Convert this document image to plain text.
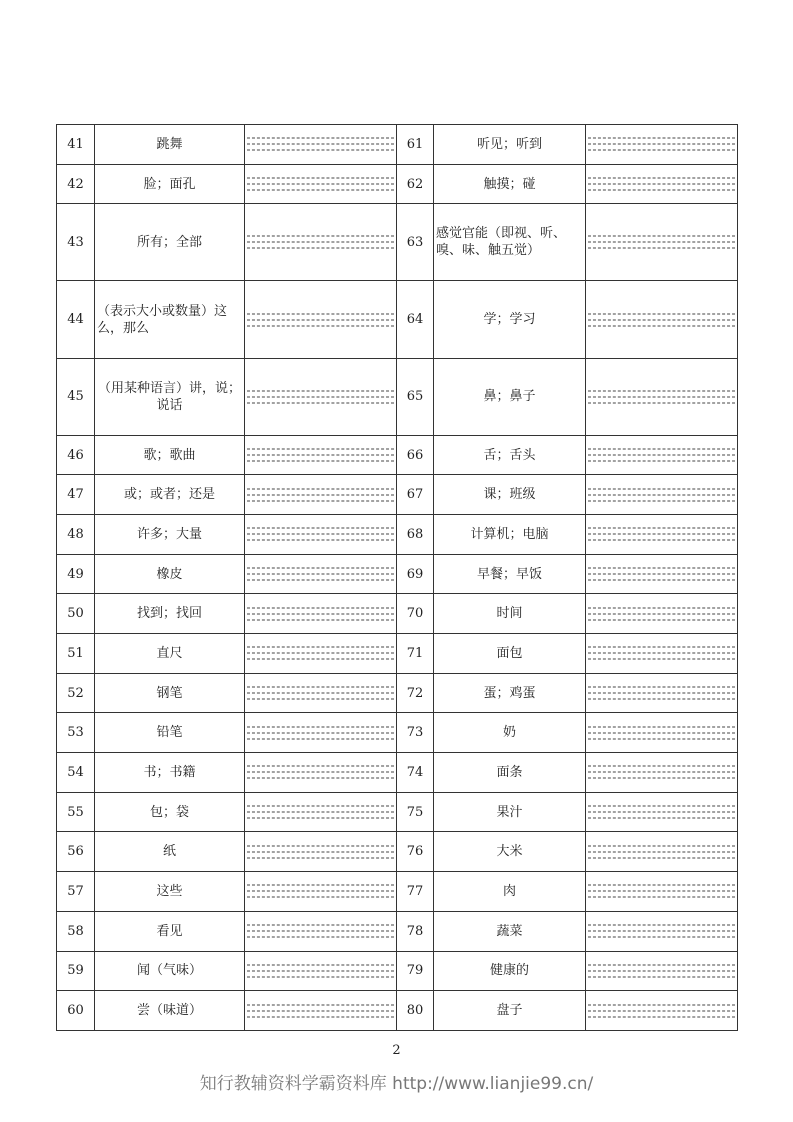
41	跳舞		61	听见；听到	

42	脸；面孔		62	触摸；碰	

43	所有；全部		63	感觉官能（即视、听、嗅、味、触五觉）	

44	（表示大小或数量）这么，那么		64	学；学习	

45	（用某种语言）讲，说；说话		65	鼻；鼻子	

46	歌；歌曲		66	舌；舌头	

47	或；或者；还是		67	课；班级	

48	许多；大量		68	计算机；电脑	

49	橡皮		69	早餐；早饭	

50	找到；找回		70	时间	

51	直尺		71	面包	

52	钢笔		72	蛋；鸡蛋	

53	铅笔		73	奶	

54	书；书籍		74	面条	

55	包；袋		75	果汁	

56	纸		76	大米	

57	这些		77	肉	

58	看见		78	蔬菜	

59	闻（气味）		79	健康的	

60	尝（味道）		80	盘子	
2
知行教辅资料学霸资料库 http://www.lianjie99.cn/
